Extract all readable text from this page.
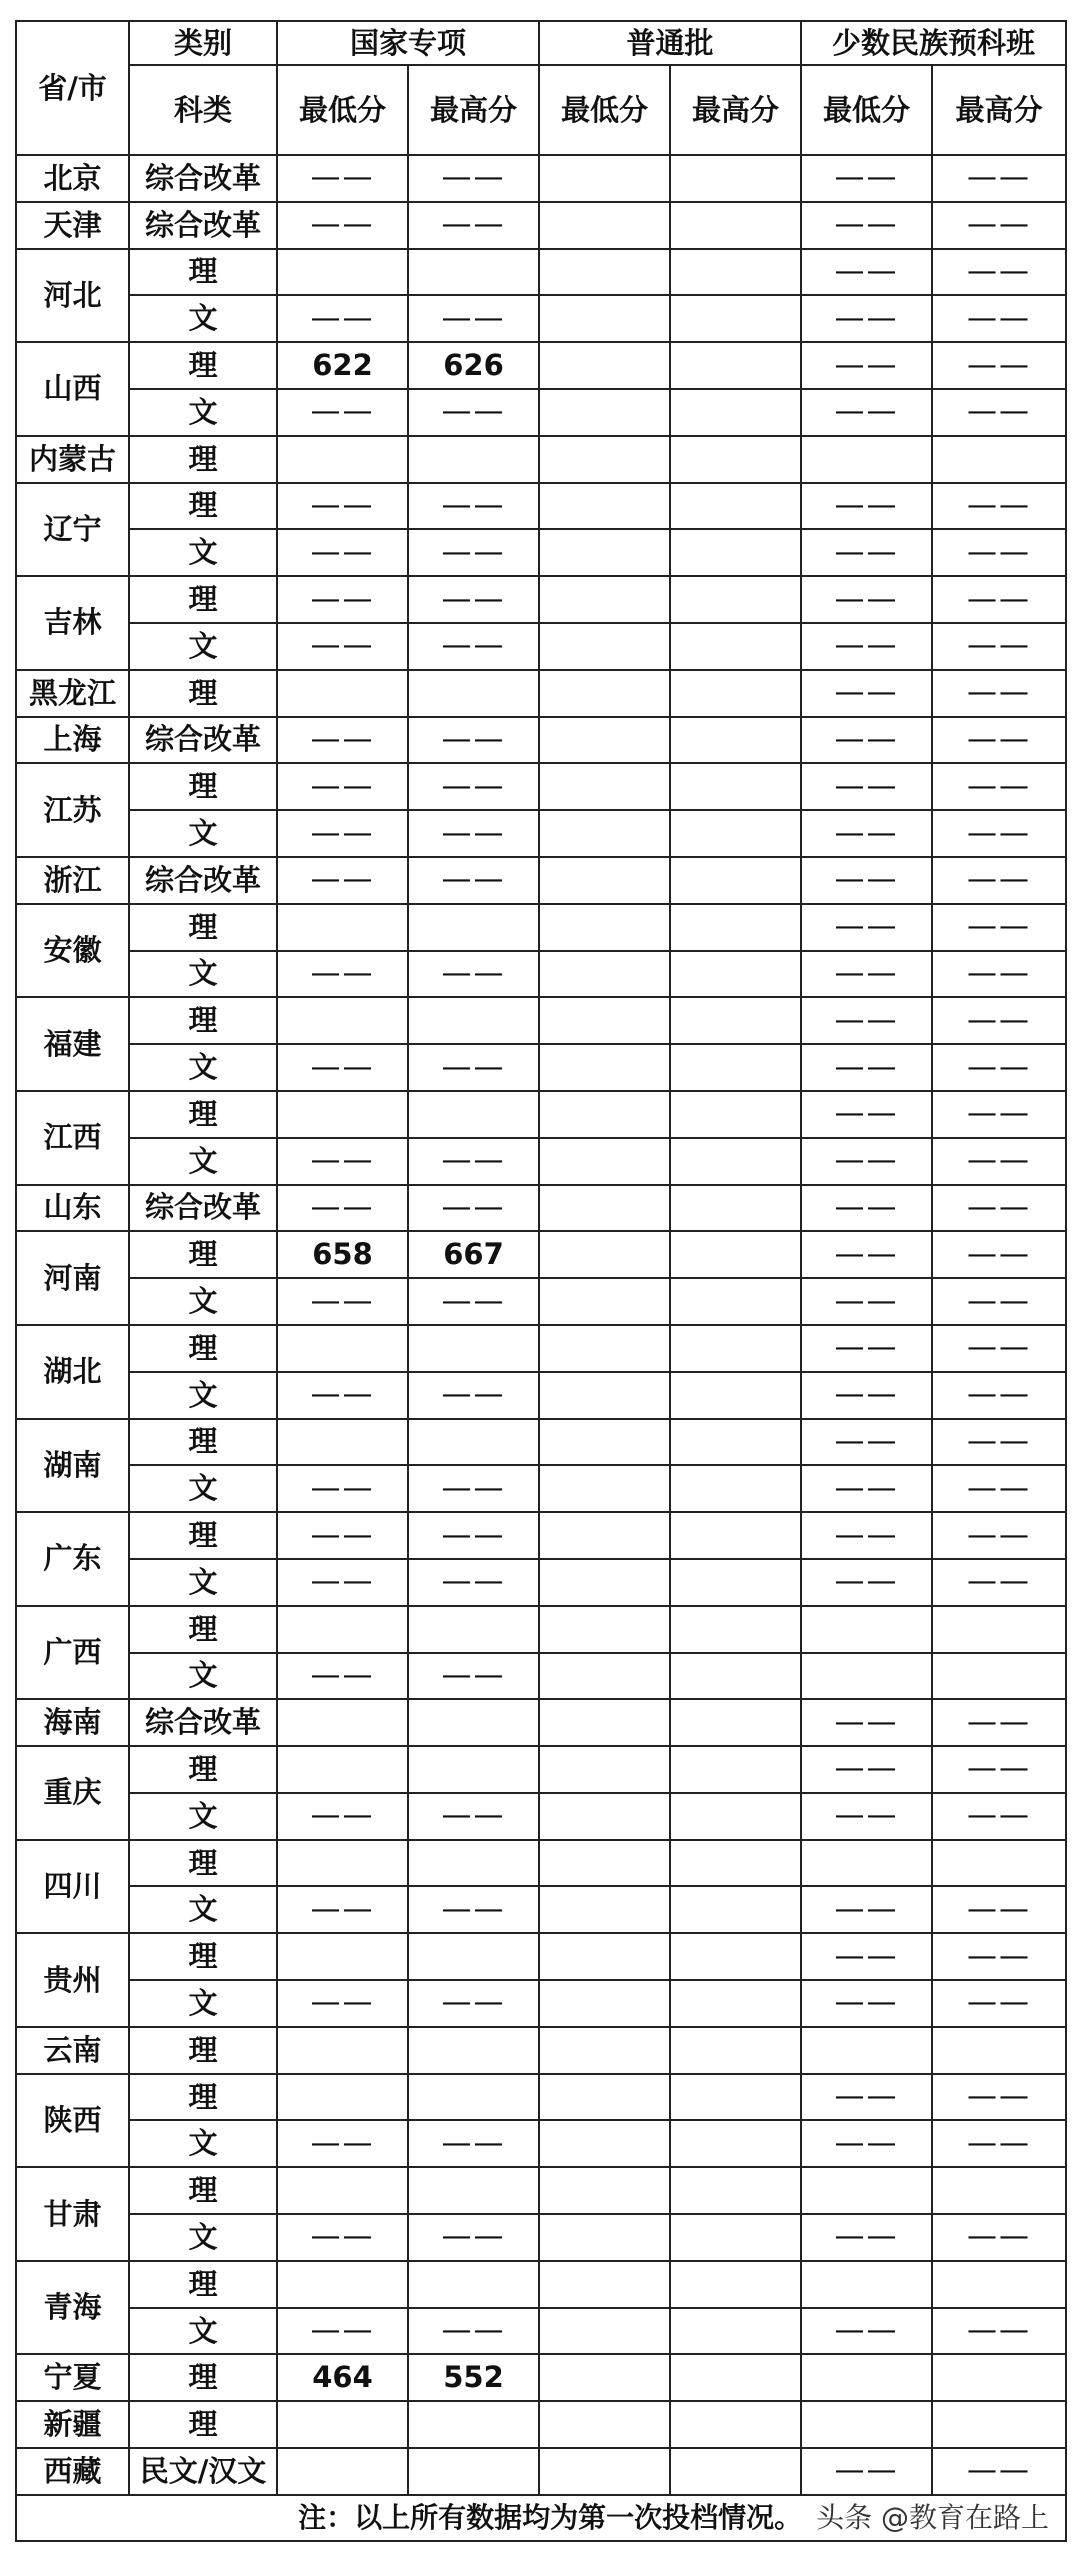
省/市	类别	国家专项		普通批		少数民族预科班	
	科类	最低分	最高分	最低分	最高分	最低分	最高分
北京	综合改革	——	——			——	——
天津	综合改革	——	——			——	——
河北	理					——	——
	文	——	——			——	——
山西	理	622	626			——	——
	文	——	——			——	——
内蒙古	理						
辽宁	理	——	——			——	——
	文	——	——			——	——
吉林	理	——	——			——	——
	文	——	——			——	——
黑龙江	理					——	——
上海	综合改革	——	——			——	——
江苏	理	——	——			——	——
	文	——	——			——	——
浙江	综合改革	——	——			——	——
安徽	理					——	——
	文	——	——			——	——
福建	理					——	——
	文	——	——			——	——
江西	理					——	——
	文	——	——			——	——
山东	综合改革	——	——			——	——
河南	理	658	667			——	——
	文	——	——			——	——
湖北	理					——	——
	文	——	——			——	——
湖南	理					——	——
	文	——	——			——	——
广东	理	——	——			——	——
	文	——	——			——	——
广西	理						
	文	——	——				
海南	综合改革					——	——
重庆	理					——	——
	文	——	——			——	——
四川	理						
	文	——	——			——	——
贵州	理					——	——
	文	——	——			——	——
云南	理						
陕西	理					——	——
	文	——	——			——	——
甘肃	理						
	文	——	——			——	——
青海	理						
	文	——	——			——	——
宁夏	理	464	552				
新疆	理						
西藏	民文/汉文					——	——
注：以上所有数据均为第一次投档情况。 头条 @教育在路上							
